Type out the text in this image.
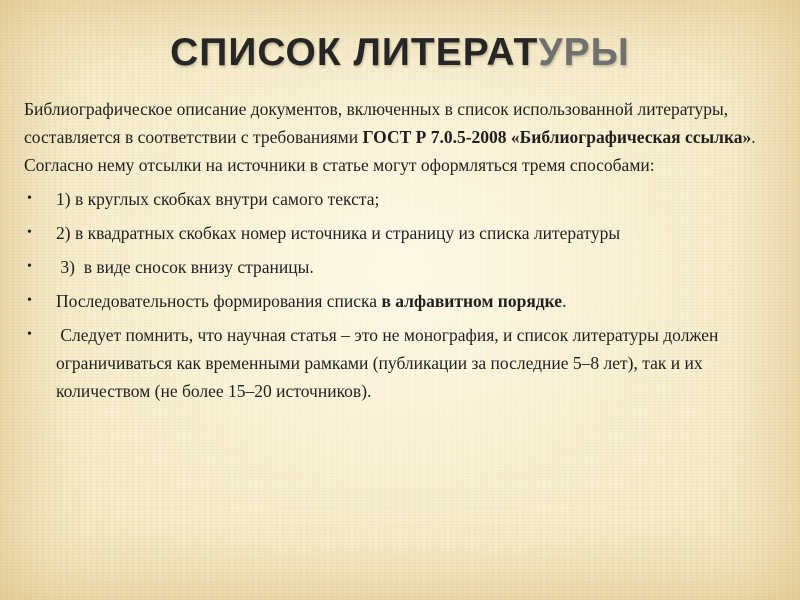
СПИСОК ЛИТЕРАТУРЫ

Библиографическое описание документов, включенных в список использованной литературы, составляется в соответствии с требованиями ГОСТ Р 7.0.5-2008 «Библиографическая ссылка». Согласно нему отсылки на источники в статье могут оформляться тремя способами:

• 1) в круглых скобках внутри самого текста;
• 2) в квадратных скобках номер источника и страницу из списка литературы
• 3)  в виде сносок внизу страницы.
• Последовательность формирования списка в алфавитном порядке.
• Следует помнить, что научная статья – это не монография, и список литературы должен ограничиваться как временными рамками (публикации за последние 5–8 лет), так и их количеством (не более 15–20 источников).
